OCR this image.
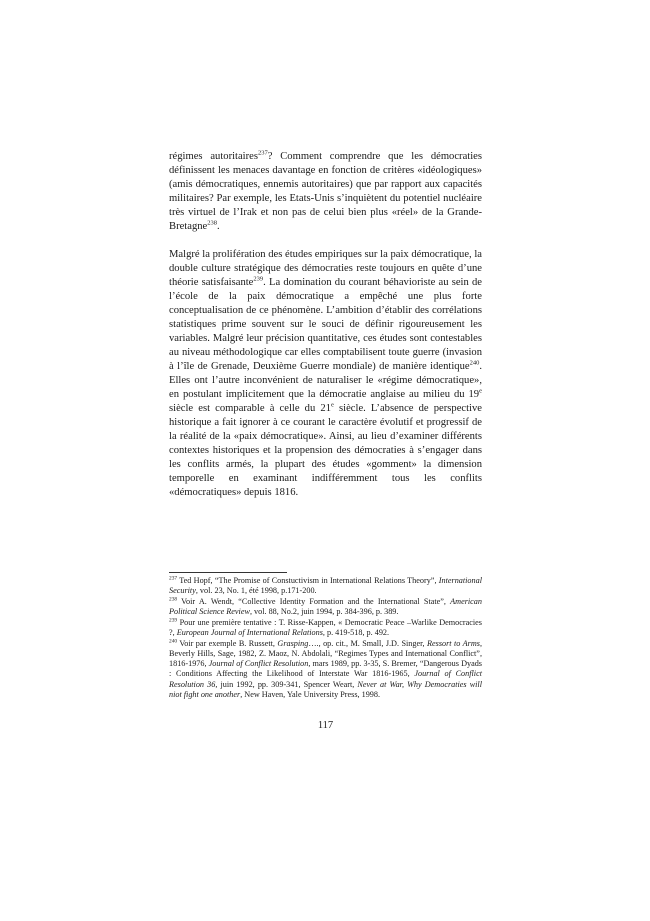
régimes autoritaires$^{237}$? Comment comprendre que les démocraties définissent les menaces davantage en fonction de critères «idéologiques» (amis démocratiques, ennemis autoritaires) que par rapport aux capacités militaires? Par exemple, les Etats-Unis s’inquiètent du potentiel nucléaire très virtuel de l’Irak et non pas de celui bien plus «réel» de la Grande-Bretagne$^{238}$.

Malgré la prolifération des études empiriques sur la paix démocratique, la double culture stratégique des démocraties reste toujours en quête d’une théorie satisfaisante$^{239}$. La domination du courant béhavioriste au sein de l’école de la paix démocratique a empêché une plus forte conceptualisation de ce phénomène. L’ambition d’établir des corrélations statistiques prime souvent sur le souci de définir rigoureusement les variables. Malgré leur précision quantitative, ces études sont contestables au niveau méthodologique car elles comptabilisent toute guerre (invasion à l’île de Grenade, Deuxième Guerre mondiale) de manière identique$^{240}$. Elles ont l’autre inconvénient de naturaliser le «régime démocratique», en postulant implicitement que la démocratie anglaise au milieu du 19e siècle est comparable à celle du 21e siècle. L’absence de perspective historique a fait ignorer à ce courant le caractère évolutif et progressif de la réalité de la «paix démocratique». Ainsi, au lieu d’examiner différents contextes historiques et la propension des démocraties à s’engager dans les conflits armés, la plupart des études «gomment» la dimension temporelle en examinant indifféremment tous les conflits «démocratiques» depuis 1816.

$^{237}$ Ted Hopf, “The Promise of Constuctivism in International Relations Theory”, International Security, vol. 23, No. 1, été 1998, p.171-200.

$^{238}$ Voir A. Wendt, “Collective Identity Formation and the International State”, American Political Science Review, vol. 88, No.2, juin 1994, p. 384-396, p. 389.

$^{239}$ Pour une première tentative : T. Risse-Kappen, « Democratic Peace –Warlike Democracies ?, European Journal of International Relations, p. 419-518, p. 492.

$^{240}$ Voir par exemple B. Russett, Grasping…., op. cit., M. Small, J.D. Singer, Ressort to Arms, Beverly Hills, Sage, 1982, Z. Maoz, N. Abdolali, “Regimes Types and International Conflict”, 1816-1976, Journal of Conflict Resolution, mars 1989, pp. 3-35, S. Bremer, “Dangerous Dyads : Conditions Affecting the Likelihood of Interstate War 1816-1965, Journal of Conflict Resolution 36, juin 1992, pp. 309-341, Spencer Weart, Never at War, Why Democraties will niot fight one another, New Haven, Yale University Press, 1998.

117
